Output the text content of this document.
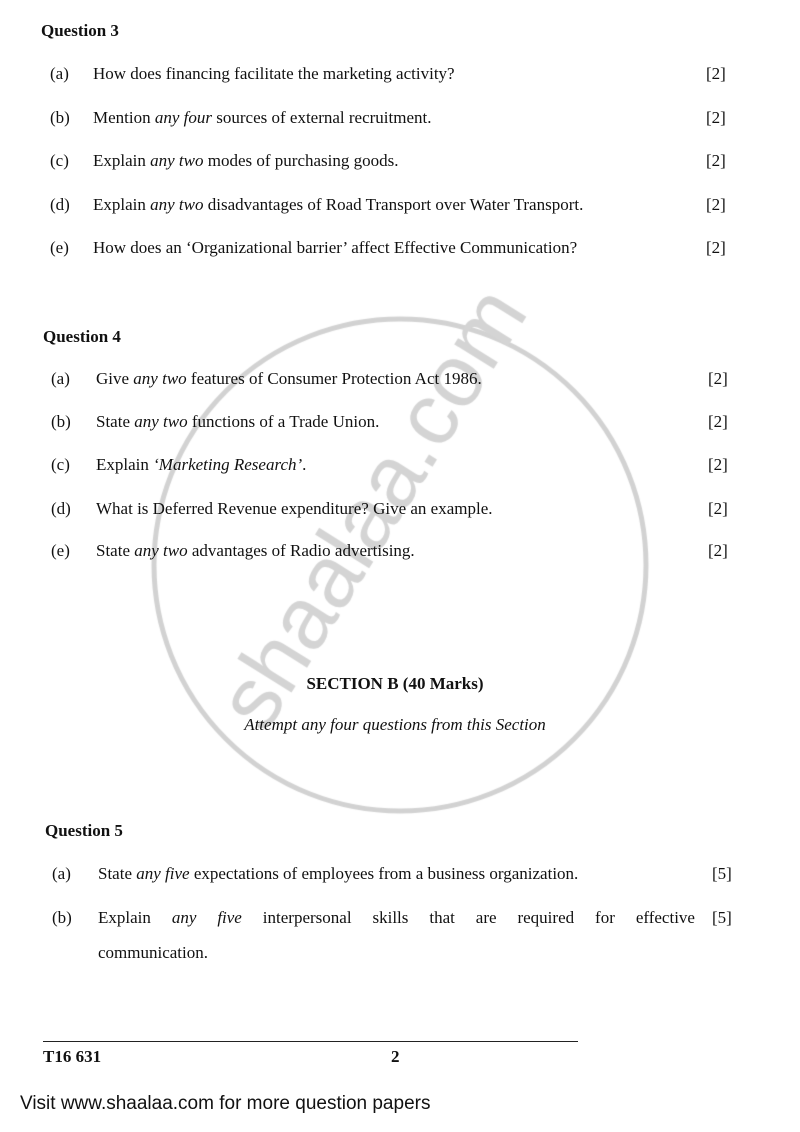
Question 3
(a) How does financing facilitate the marketing activity?	[2]
(b) Mention any four sources of external recruitment.	[2]
(c) Explain any two modes of purchasing goods.	[2]
(d) Explain any two disadvantages of Road Transport over Water Transport.	[2]
(e) How does an ‘Organizational barrier’ affect Effective Communication?	[2]
Question 4
(a) Give any two features of Consumer Protection Act 1986.	[2]
(b) State any two functions of a Trade Union.	[2]
(c) Explain ‘Marketing Research’.	[2]
(d) What is Deferred Revenue expenditure? Give an example.	[2]
(e) State any two advantages of Radio advertising.	[2]
Question 5
(a) State any five expectations of employees from a business organization.	[5]
(b) Explain any five interpersonal skills that are required for effective [5]
communication.
SECTION B (40 Marks)
Attempt any four questions from this Section
T16 631	2
Visit www.shaalaa.com for more question papers
